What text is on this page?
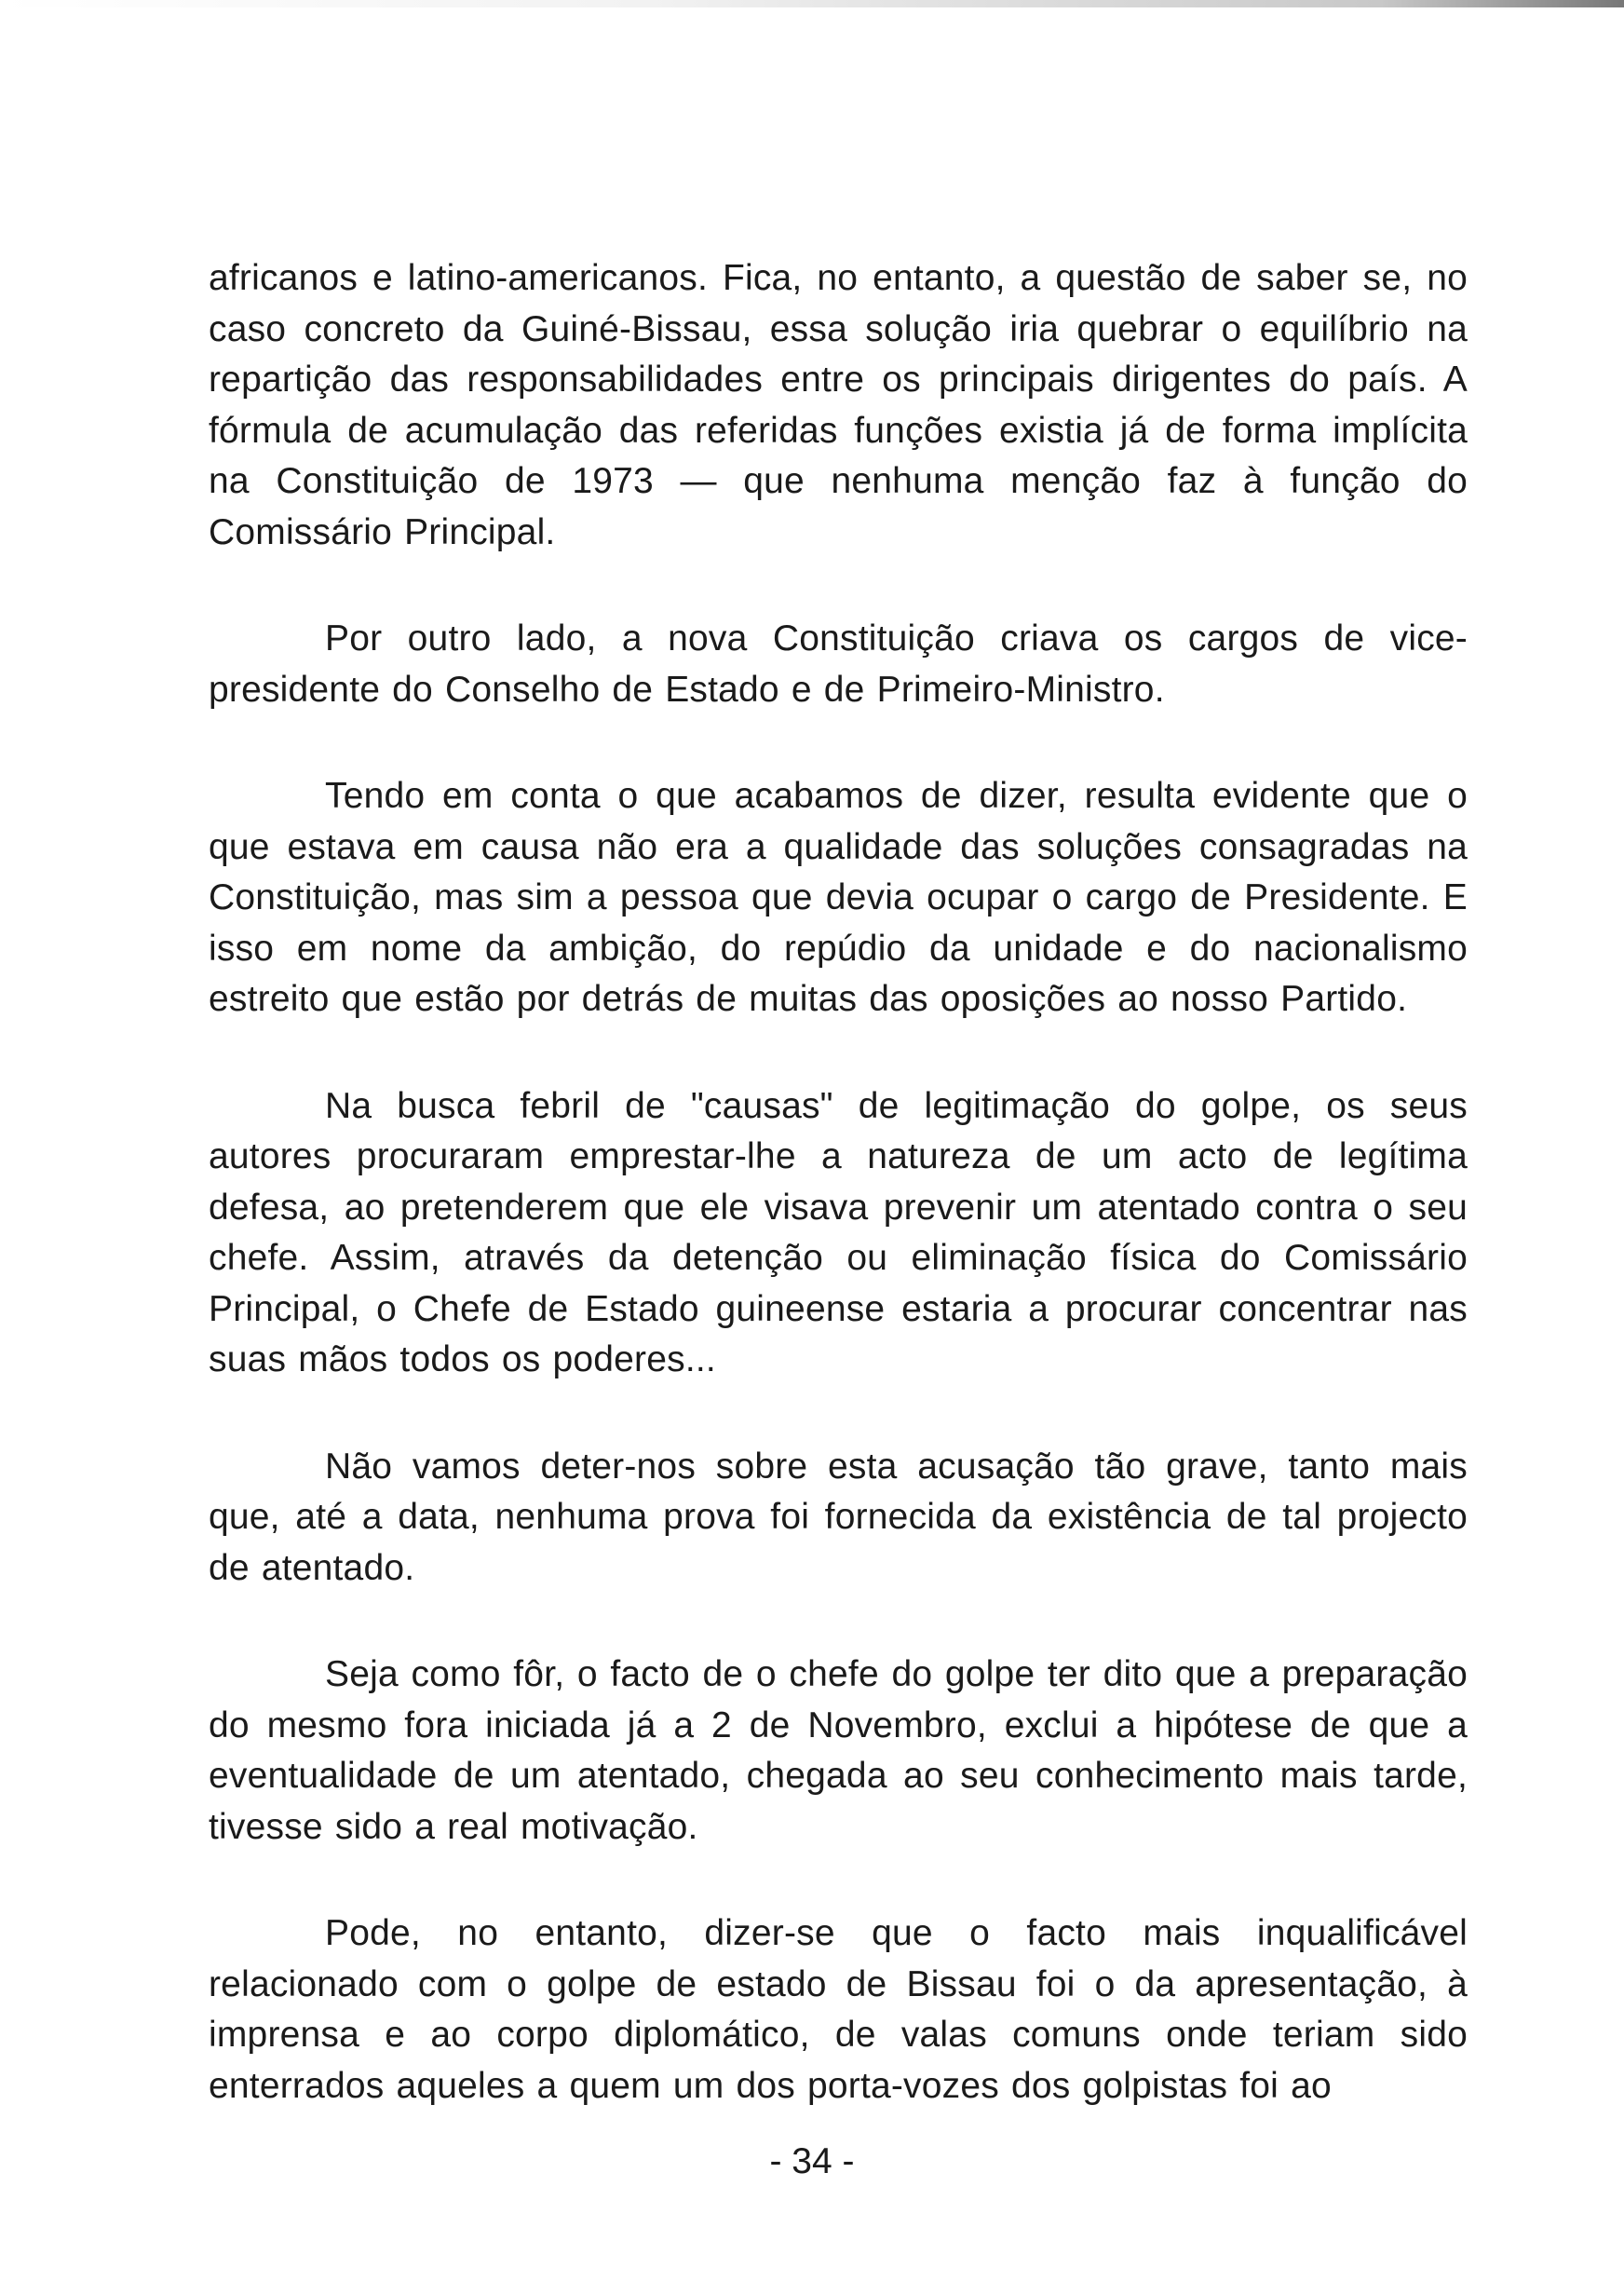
africanos e latino-americanos. Fica, no entanto, a questão de saber se, no caso concreto da Guiné-Bissau, essa solução iria quebrar o equilíbrio na repartição das responsabilidades entre os principais dirigentes do país. A fórmula de acumulação das referidas funções existia já de forma implícita na Constituição de 1973 — que nenhuma menção faz à função do Comissário Principal.

Por outro lado, a nova Constituição criava os cargos de vice-presidente do Conselho de Estado e de Primeiro-Ministro.

Tendo em conta o que acabamos de dizer, resulta evidente que o que estava em causa não era a qualidade das soluções consagradas na Constituição, mas sim a pessoa que devia ocupar o cargo de Presidente. E isso em nome da ambição, do repúdio da unidade e do nacionalismo estreito que estão por detrás de muitas das oposições ao nosso Partido.

Na busca febril de "causas" de legitimação do golpe, os seus autores procuraram emprestar-lhe a natureza de um acto de legítima defesa, ao pretenderem que ele visava prevenir um atentado contra o seu chefe. Assim, através da detenção ou eliminação física do Comissário Principal, o Chefe de Estado guineense estaria a procurar concentrar nas suas mãos todos os poderes...

Não vamos deter-nos sobre esta acusação tão grave, tanto mais que, até a data, nenhuma prova foi fornecida da existência de tal projecto de atentado.

Seja como fôr, o facto de o chefe do golpe ter dito que a preparação do mesmo fora iniciada já a 2 de Novembro, exclui a hipótese de que a eventualidade de um atentado, chegada ao seu conhecimento mais tarde, tivesse sido a real motivação.

Pode, no entanto, dizer-se que o facto mais inqualificável relacionado com o golpe de estado de Bissau foi o da apresentação, à imprensa e ao corpo diplomático, de valas comuns onde teriam sido enterrados aqueles a quem um dos porta-vozes dos golpistas foi ao

- 34 -
